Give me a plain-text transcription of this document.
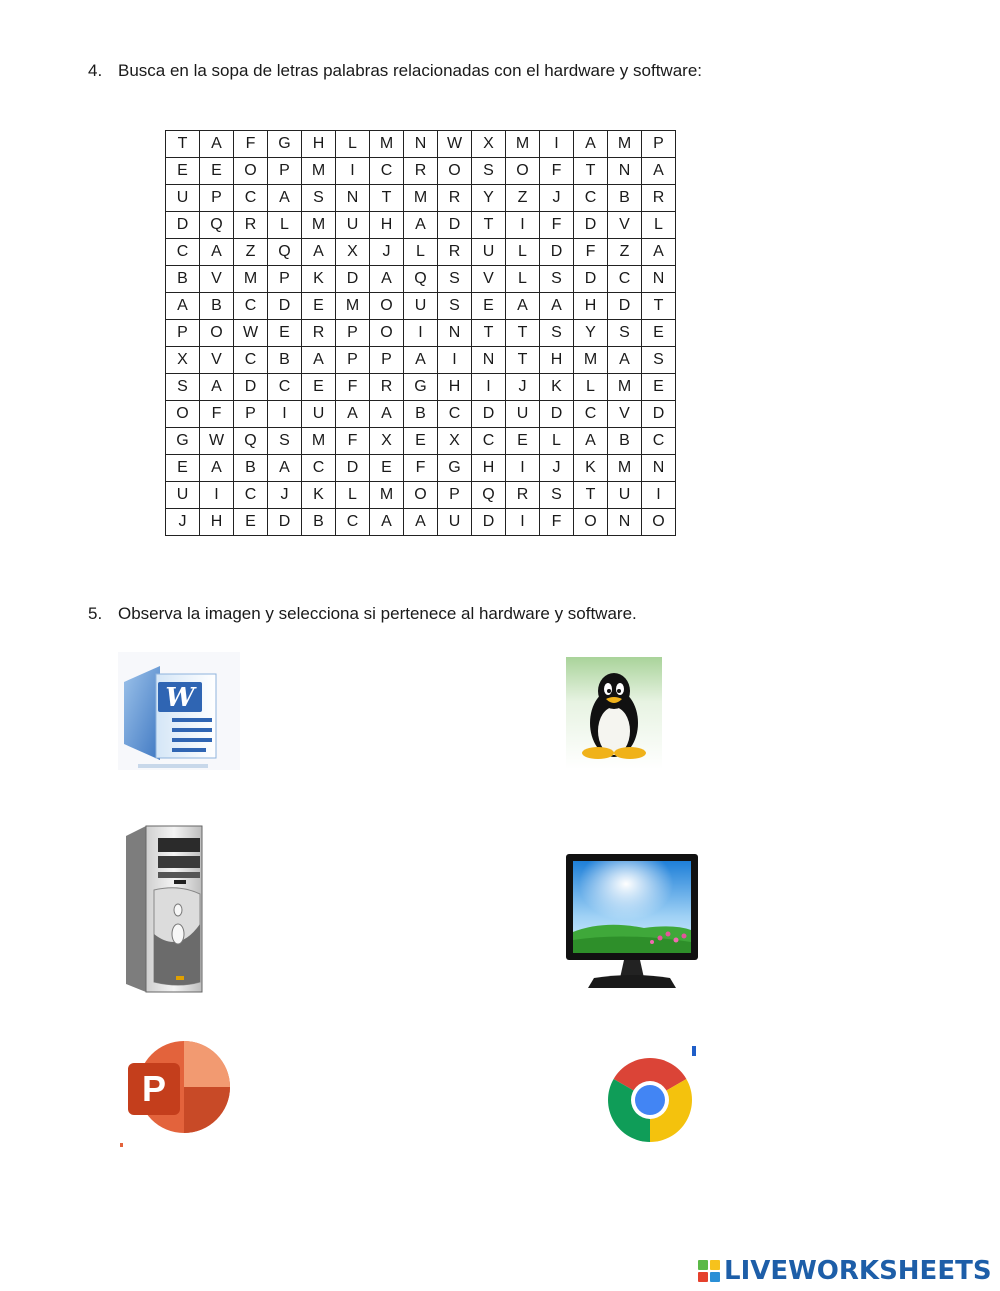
4. Busca en la sopa de letras palabras relacionadas con el hardware y software:
T	A	F	G	H	L	M	N	W	X	M	I	A	M	P
E	E	O	P	M	I	C	R	O	S	O	F	T	N	A
U	P	C	A	S	N	T	M	R	Y	Z	J	C	B	R
D	Q	R	L	M	U	H	A	D	T	I	F	D	V	L
C	A	Z	Q	A	X	J	L	R	U	L	D	F	Z	A
B	V	M	P	K	D	A	Q	S	V	L	S	D	C	N
A	B	C	D	E	M	O	U	S	E	A	A	H	D	T
P	O	W	E	R	P	O	I	N	T	T	S	Y	S	E
X	V	C	B	A	P	P	A	I	N	T	H	M	A	S
S	A	D	C	E	F	R	G	H	I	J	K	L	M	E
O	F	P	I	U	A	A	B	C	D	U	D	C	V	D
G	W	Q	S	M	F	X	E	X	C	E	L	A	B	C
E	A	B	A	C	D	E	F	G	H	I	J	K	M	N
U	I	C	J	K	L	M	O	P	Q	R	S	T	U	I
J	H	E	D	B	C	A	A	U	D	I	F	O	N	O
5. Observa la imagen y selecciona si pertenece al hardware y software.
W
P
LIVEWORKSHEETS
